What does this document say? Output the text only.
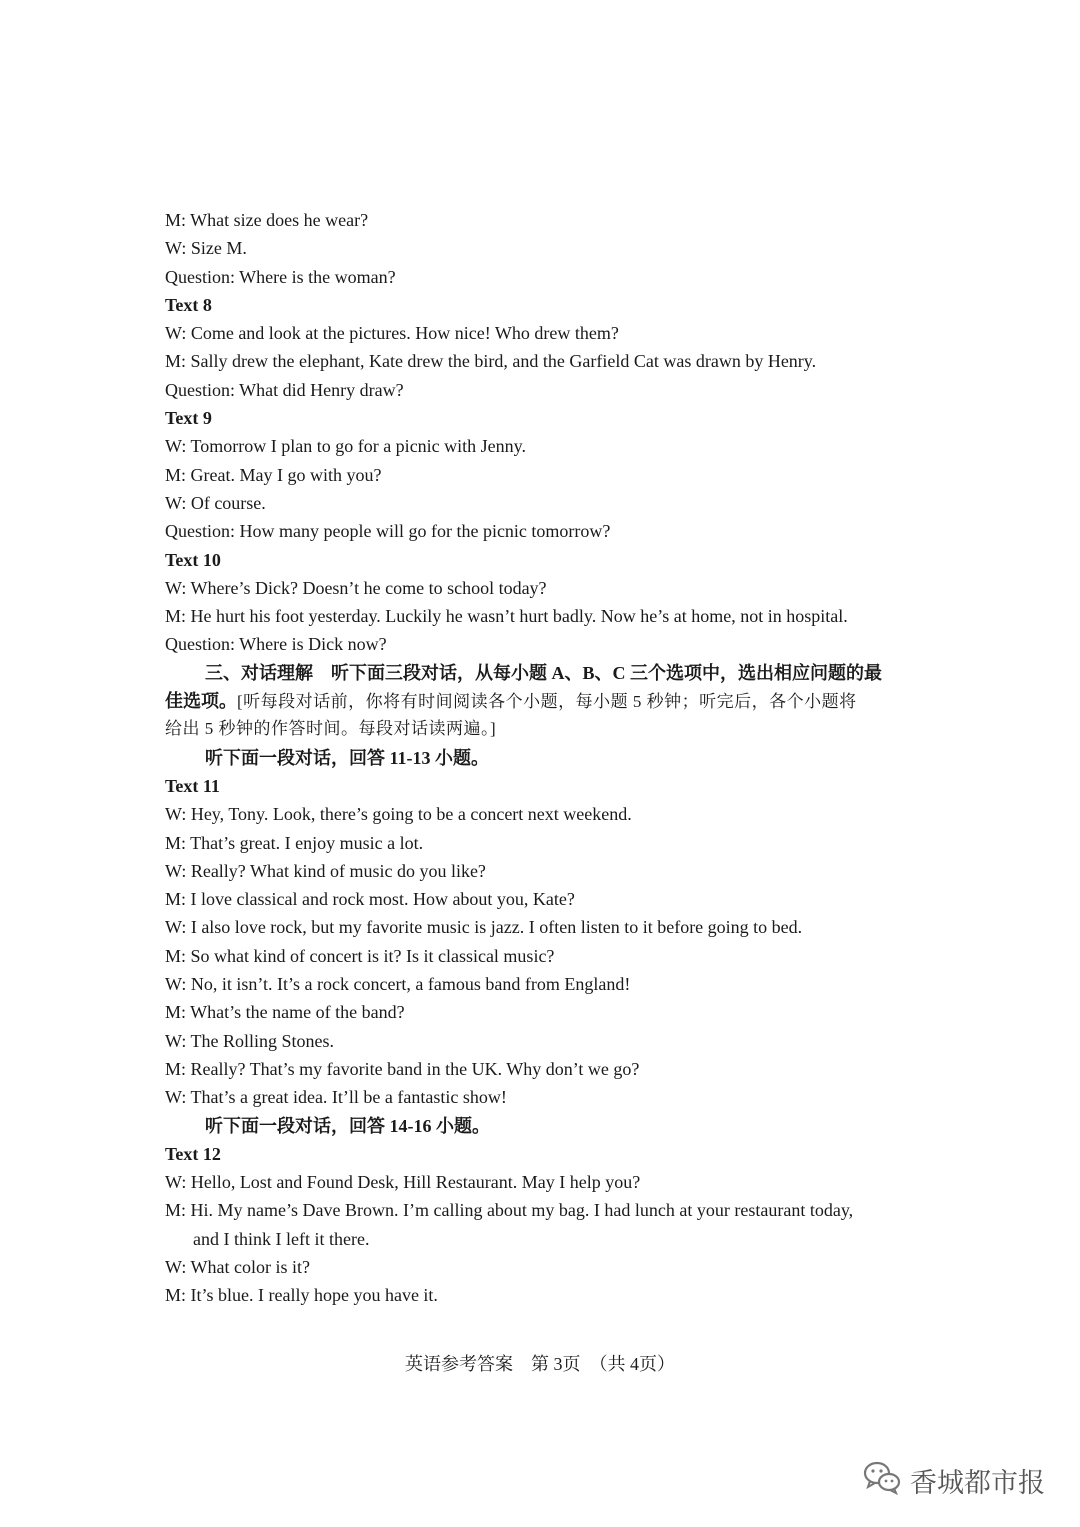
M: What size does he wear?
W: Size M.
Question: Where is the woman?
Text 8
W: Come and look at the pictures. How nice! Who drew them?
M: Sally drew the elephant, Kate drew the bird, and the Garfield Cat was drawn by Henry.
Question: What did Henry draw?
Text 9
W: Tomorrow I plan to go for a picnic with Jenny.
M: Great. May I go with you?
W: Of course.
Question: How many people will go for the picnic tomorrow?
Text 10
W: Where’s Dick? Doesn’t he come to school today?
M: He hurt his foot yesterday. Luckily he wasn’t hurt badly. Now he’s at home, not in hospital.
Question: Where is Dick now?
三、对话理解　听下面三段对话，从每小题 A、B、C 三个选项中，选出相应问题的最
佳选项。[听每段对话前，你将有时间阅读各个小题，每小题 5 秒钟；听完后，各个小题将
给出 5 秒钟的作答时间。每段对话读两遍。]
听下面一段对话，回答 11-13 小题。
Text 11
W: Hey, Tony. Look, there’s going to be a concert next weekend.
M: That’s great. I enjoy music a lot.
W: Really? What kind of music do you like?
M: I love classical and rock most. How about you, Kate?
W: I also love rock, but my favorite music is jazz. I often listen to it before going to bed.
M: So what kind of concert is it? Is it classical music?
W: No, it isn’t. It’s a rock concert, a famous band from England!
M: What’s the name of the band?
W: The Rolling Stones.
M: Really? That’s my favorite band in the UK. Why don’t we go?
W: That’s a great idea. It’ll be a fantastic show!
听下面一段对话，回答 14-16 小题。
Text 12
W: Hello, Lost and Found Desk, Hill Restaurant. May I help you?
M: Hi. My name’s Dave Brown. I’m calling about my bag. I had lunch at your restaurant today,
and I think I left it there.
W: What color is it?
M: It’s blue. I really hope you have it.
英语参考答案　第 3页　（共 4页）
香城都市报
